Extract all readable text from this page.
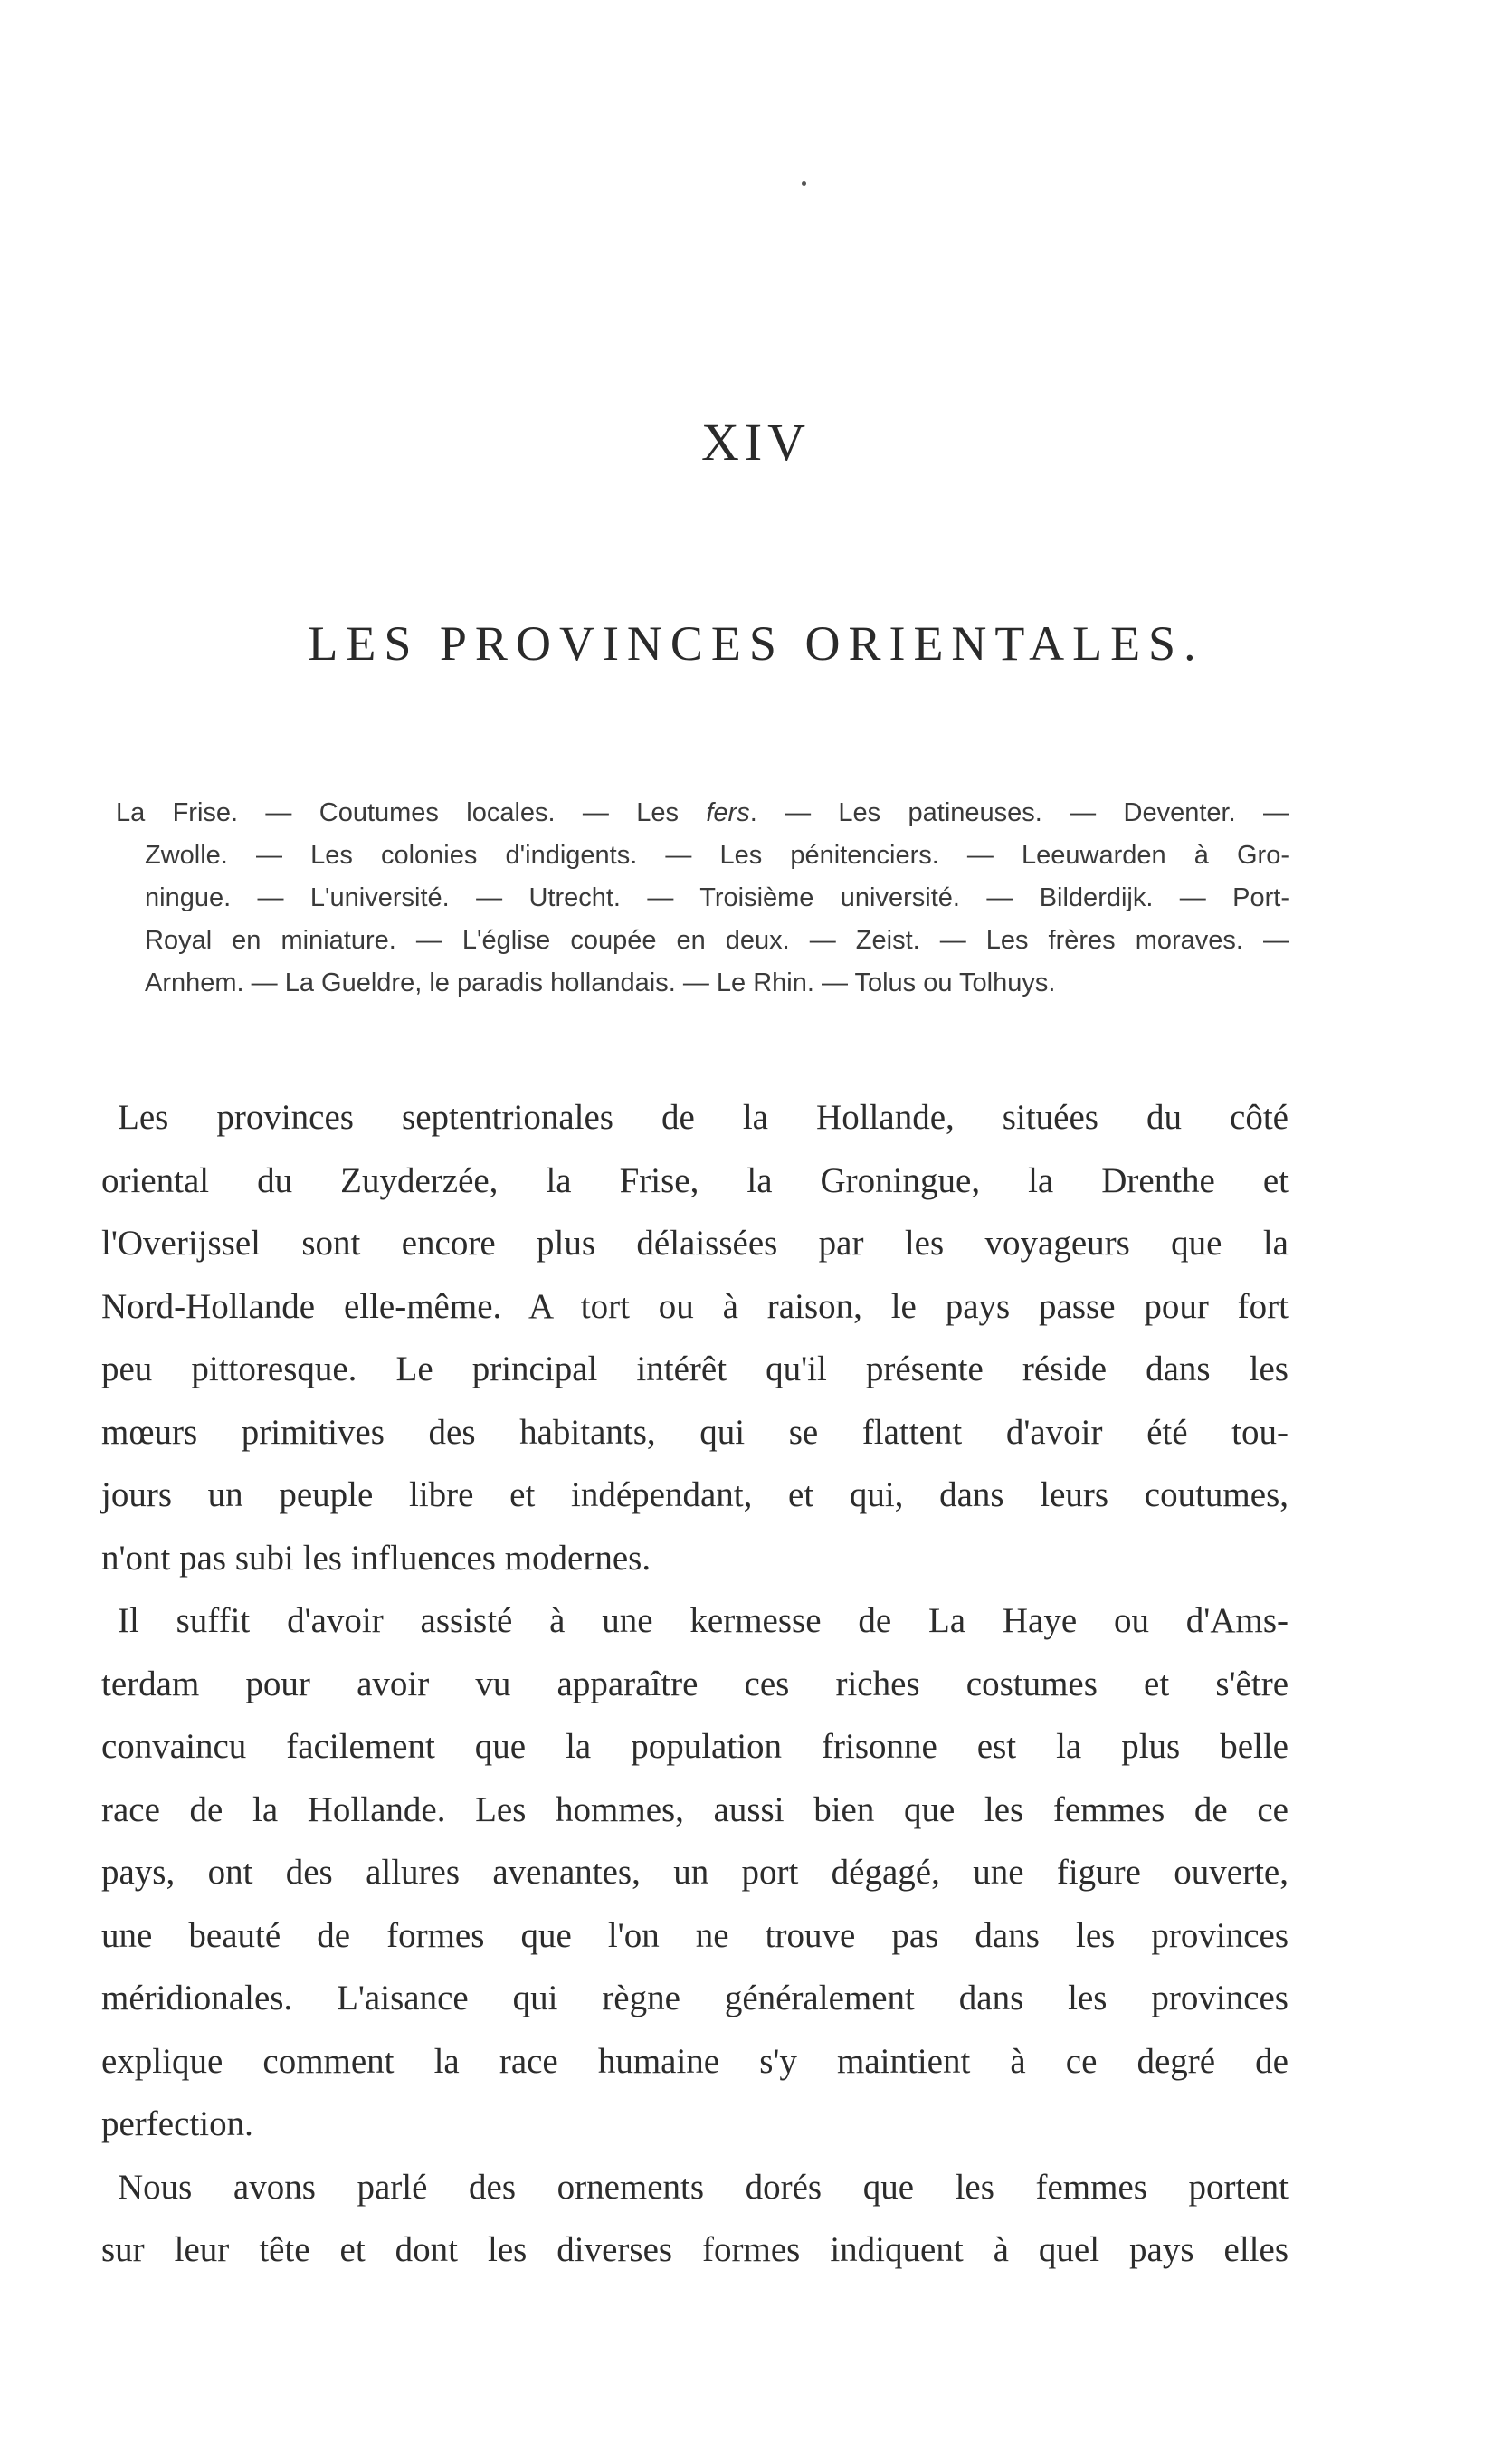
XIV
LES PROVINCES ORIENTALES.
La Frise. — Coutumes locales. — Les fers. — Les patineuses. — Deventer. —
Zwolle. — Les colonies d'indigents. — Les pénitenciers. — Leeuwarden à Gro-
ningue. — L'université. — Utrecht. — Troisième université. — Bilderdijk. — Port-
Royal en miniature. — L'église coupée en deux. — Zeist. — Les frères moraves. —
Arnhem. — La Gueldre, le paradis hollandais. — Le Rhin. — Tolus ou Tolhuys.
Les provinces septentrionales de la Hollande, situées du côté
oriental du Zuyderzée, la Frise, la Groningue, la Drenthe et
l'Overijssel sont encore plus délaissées par les voyageurs que la
Nord-Hollande elle-même. A tort ou à raison, le pays passe pour fort
peu pittoresque. Le principal intérêt qu'il présente réside dans les
mœurs primitives des habitants, qui se flattent d'avoir été tou-
jours un peuple libre et indépendant, et qui, dans leurs coutumes,
n'ont pas subi les influences modernes.
Il suffit d'avoir assisté à une kermesse de La Haye ou d'Ams-
terdam pour avoir vu apparaître ces riches costumes et s'être
convaincu facilement que la population frisonne est la plus belle
race de la Hollande. Les hommes, aussi bien que les femmes de ce
pays, ont des allures avenantes, un port dégagé, une figure ouverte,
une beauté de formes que l'on ne trouve pas dans les provinces
méridionales. L'aisance qui règne généralement dans les provinces
explique comment la race humaine s'y maintient à ce degré de
perfection.
Nous avons parlé des ornements dorés que les femmes portent
sur leur tête et dont les diverses formes indiquent à quel pays elles
